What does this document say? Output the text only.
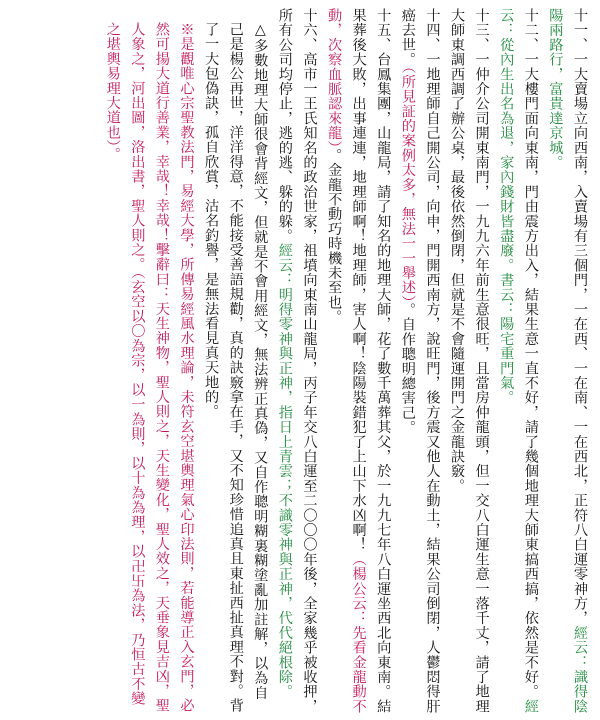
十一、一大賣場立向西南，入賣場有三個門，一在西、一在南、一在西北，正符八白運零神方，經云：識得陰陽兩路行，富貴達京城。
十二、一大樓門面向東南，門由震方出入，結果生意一直不好，請了幾個地理大師東搞西搞，依然是不好。經云：從內生出名為退，家內錢財皆盡廢。書云：陽宅重門氣。
十三、一仲介公司開東南門，一九九六年前生意很旺，且當房仲龍頭，但一交八白運生意一落千丈，請了地理大師東調西調了辦公桌，最後依然倒閉，但就是不會隨運開門之金龍訣竅。
十四、一地理師自己開公司，向申，門開西南方，說旺門，後方震又他人在動土，結果公司倒閉，人鬱悶得肝癌去世。（所見証的案例太多，無法一一舉述）。自作聰明總害己。
十五、台鳳集團，山龍局，請了知名的地理大師，花了數千萬葬其父，於一九九七年八白運坐西北向東南。結果葬後大敗，出事連連，地理師啊！地理師，害人啊！陰陽裝錯犯了上山下水凶啊！（楊公云：先看金龍動不動，次察血脈認來龍）。金龍不動巧時機未至也。
十六、高市一王氏知名的政治世家，祖墳向東南山龍局，丙子年交八白運至二〇〇〇年後，全家幾乎被收押，所有公司均停止，逃的逃、躲的躲。經云：明得零神與正神，指日上青雲；不識零神與正神，代代絕根除。
△多數地理大師很會背經文，但就是不會用經文，無法辨正真偽，又自作聰明糊裏糊塗亂加註解，以為自己是楊公再世，洋洋得意，不能接受善語規勸，真的訣竅拿在手，又不知珍惜追真且東扯西扯真理不對。背了一大包偽訣，孤自欣賞，沽名釣譽，是無法看見真天地的。
※是觀唯心宗聖教法門，易經大學，所傳易經風水理論，未符玄空堪輿理氣心印法則，若能導正入玄門，必然可揚大道行善業，幸哉！幸哉！擊辭曰：天生神物，聖人則之，天生變化，聖人效之，天垂象見吉凶，聖人象之，河出圖，洛出書，聖人則之。（玄空以〇為宗，以一為則，以十為為理，以卍卐為法，乃恒古不變之堪輿易理大道也）。
